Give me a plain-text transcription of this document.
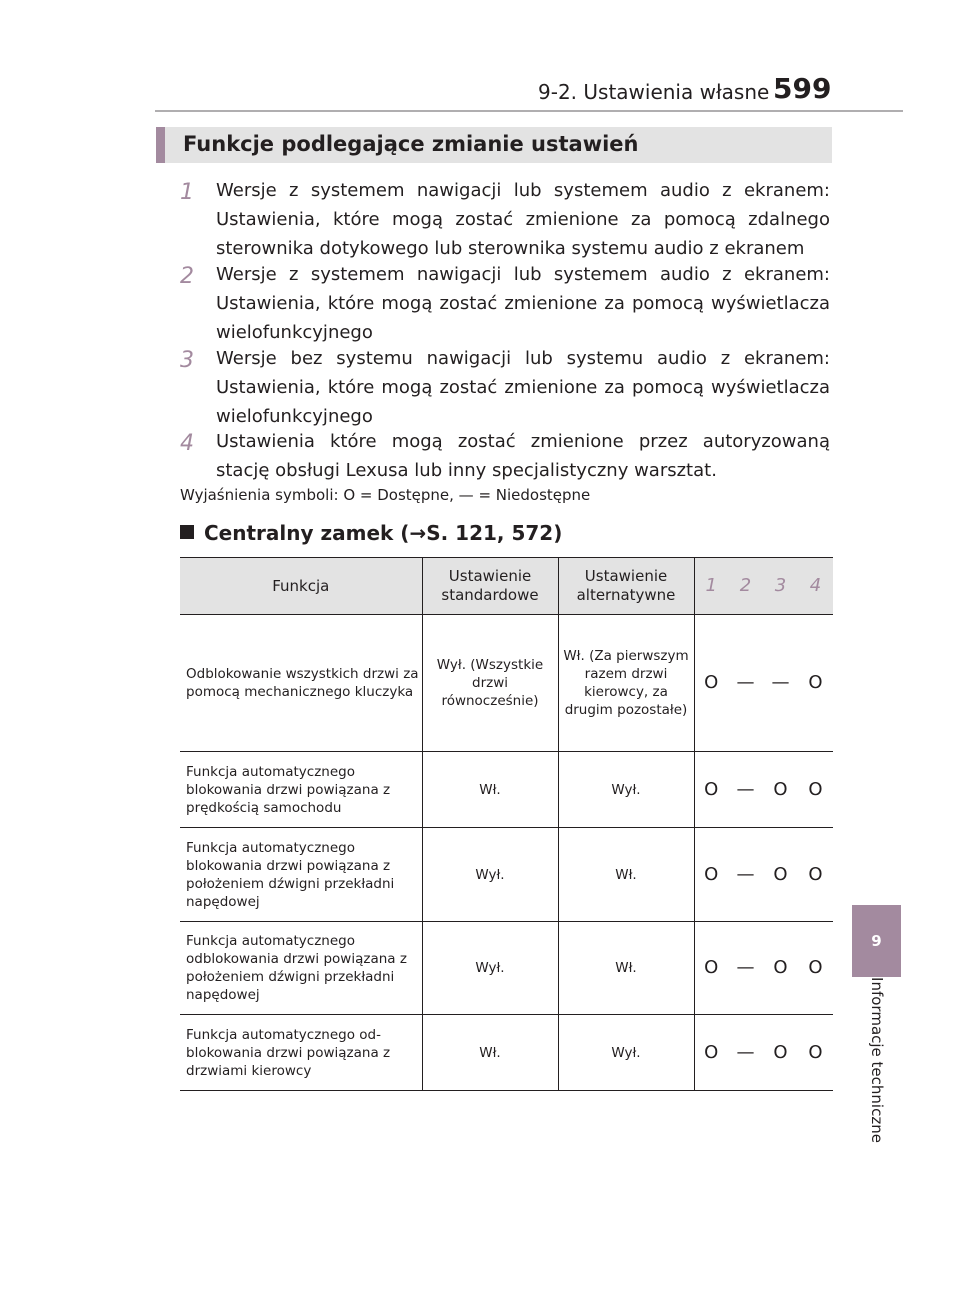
9-2. Ustawienia własne 599
9
Informacje techniczne
Funkcje podlegające zmianie ustawień
1 Wersje z systemem nawigacji lub systemem audio z ekranem: Ustawienia, które mogą zostać zmienione za pomocą zdalnego sterownika dotykowego lub sterownika systemu audio z ekranem
2 Wersje z systemem nawigacji lub systemem audio z ekranem: Ustawienia, które mogą zostać zmienione za pomocą wyświetlacza wielofunkcyjnego
3 Wersje bez systemu nawigacji lub systemu audio z ekranem: Ustawienia, które mogą zostać zmienione za pomocą wyświetlacza wielofunkcyjnego
4 Ustawienia które mogą zostać zmienione przez autoryzowaną stację obsługi Lexusa lub inny specjalistyczny warsztat.
Wyjaśnienia symboli: O = Dostępne, — = Niedostępne
Centralny zamek (→S. 121, 572)
Funkcja	Ustawienie standardowe	Ustawienie alternatywne	1	2	3	4
Odblokowanie wszystkich drzwi za pomocą mechanicznego kluczyka	Wył. (Wszystkie drzwi równocześnie)	Wł. (Za pierwszym razem drzwi kierowcy, za drugim pozostałe)	O	—	—	O
Funkcja automatycznego blokowania drzwi powiązana z prędkością samochodu	Wł.	Wył.	O	—	O	O
Funkcja automatycznego blokowania drzwi powiązana z położeniem dźwigni przekładni napędowej	Wył.	Wł.	O	—	O	O
Funkcja automatycznego odblokowania drzwi powiązana z położeniem dźwigni przekładni napędowej	Wył.	Wł.	O	—	O	O
Funkcja automatycznego odblokowania drzwi powiązana z drzwiami kierowcy	Wł.	Wył.	O	—	O	O
